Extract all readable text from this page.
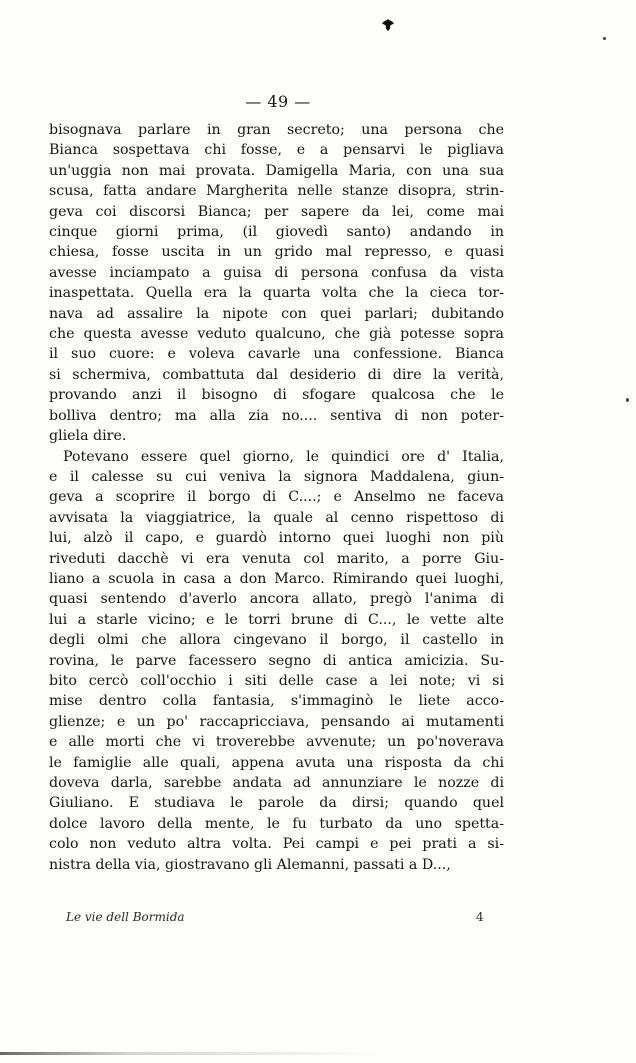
— 49 —

bisognava parlare in gran secreto; una persona che
Bianca sospettava chi fosse, e a pensarvi le pigliava
un'uggia non mai provata. Damigella Maria, con una sua
scusa, fatta andare Margherita nelle stanze disopra, strin-
geva coi discorsi Bianca; per sapere da lei, come mai
cinque giorni prima, (il giovedì santo) andando in
chiesa, fosse uscita in un grido mal represso, e quasi
avesse inciampato a guisa di persona confusa da vista
inaspettata. Quella era la quarta volta che la cieca tor-
nava ad assalire la nipote con quei parlari; dubitando
che questa avesse veduto qualcuno, che già potesse sopra
il suo cuore: e voleva cavarle una confessione. Bianca
si schermiva, combattuta dal desiderio di dire la verità,
provando anzi il bisogno di sfogare qualcosa che le
bolliva dentro; ma alla zia no.... sentiva di non poter-
gliela dire.

Potevano essere quel giorno, le quindici ore d' Italia,
e il calesse su cui veniva la signora Maddalena, giun-
geva a scoprire il borgo di C....; e Anselmo ne faceva
avvisata la viaggiatrice, la quale al cenno rispettoso di
lui, alzò il capo, e guardò intorno quei luoghi non più
riveduti dacchè vi era venuta col marito, a porre Giu-
liano a scuola in casa a don Marco. Rimirando quei luoghi,
quasi sentendo d'averlo ancora allato, pregò l'anima di
lui a starle vicino; e le torri brune di C..., le vette alte
degli olmi che allora cingevano il borgo, il castello in
rovina, le parve facessero segno di antica amicizia. Su-
bito cercò coll'occhio i siti delle case a lei note; vi si
mise dentro colla fantasia, s'immaginò le liete acco-
glienze; e un po' raccapricciava, pensando ai mutamenti
e alle morti che vi troverebbe avvenute; un po'noverava
le famiglie alle quali, appena avuta una risposta da chi
doveva darla, sarebbe andata ad annunziare le nozze di
Giuliano. E studiava le parole da dirsi; quando quel
dolce lavoro della mente, le fu turbato da uno spetta-
colo non veduto altra volta. Pei campi e pei prati a si-
nistra della via, giostravano gli Alemanni, passati a D...,

Le vie dell Bormida	4
